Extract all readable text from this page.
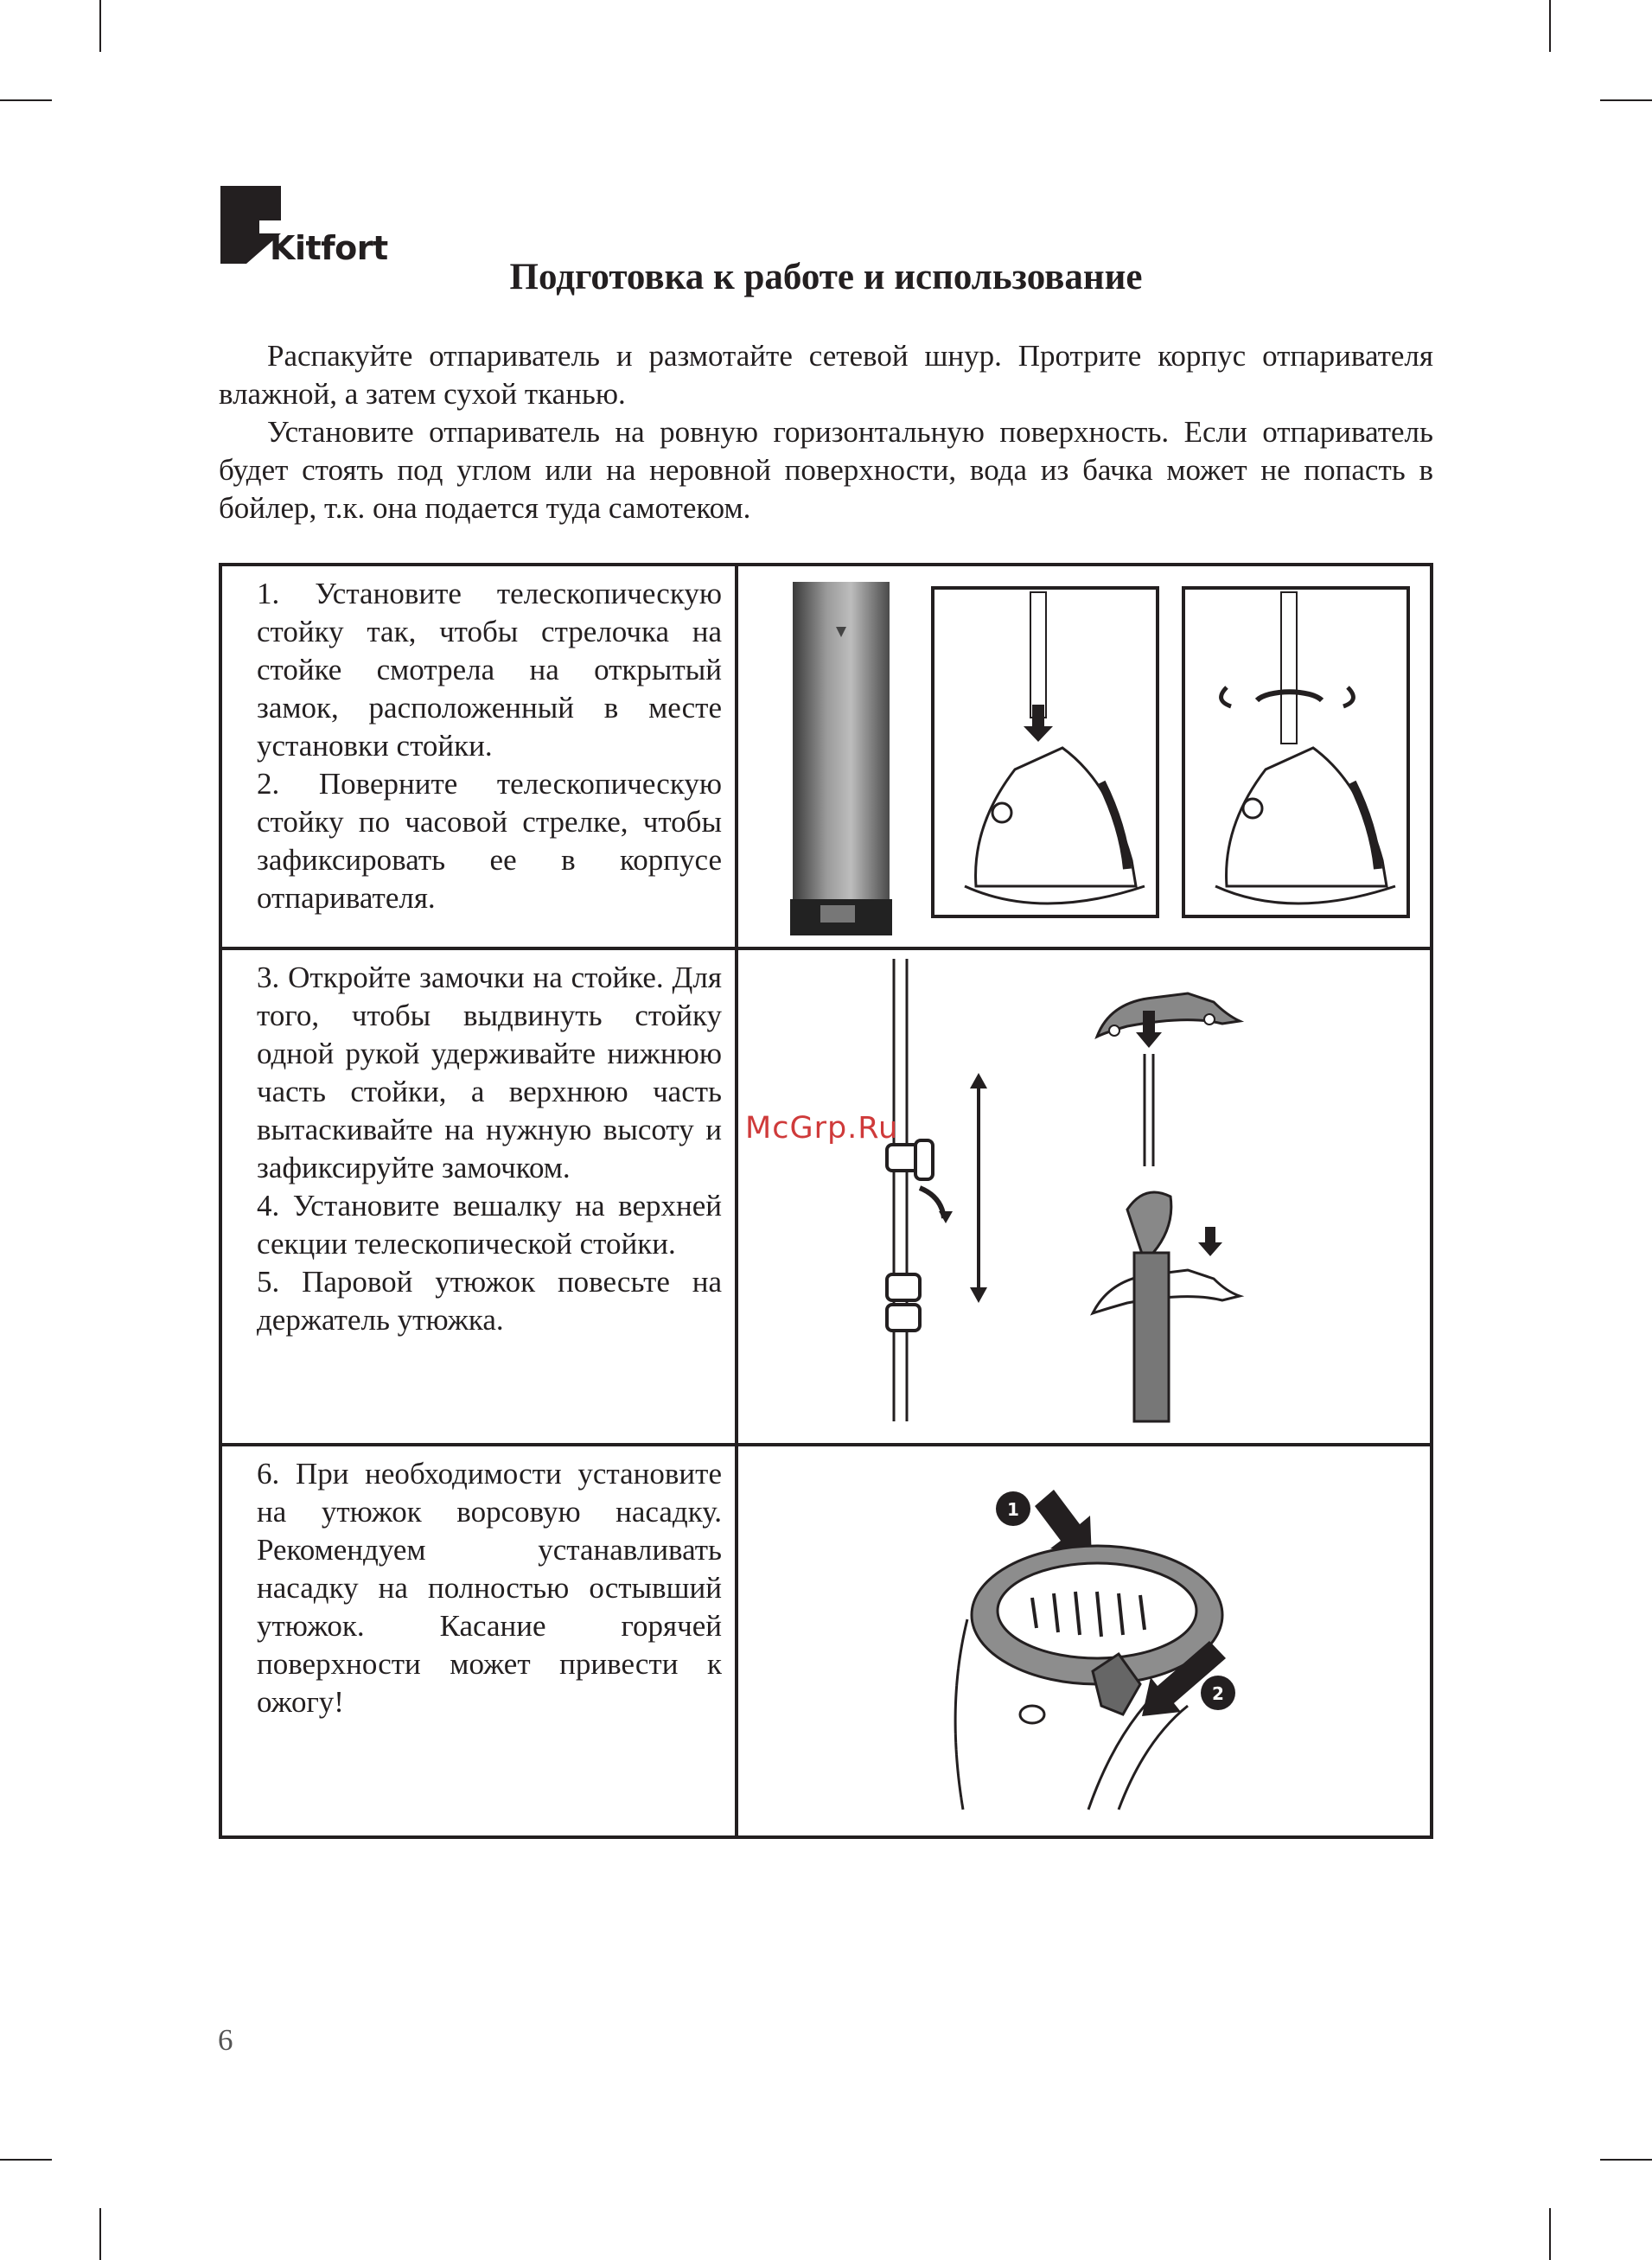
Kitfort
Подготовка к работе и использование

Распакуйте отпариватель и размотайте сетевой шнур. Протрите корпус отпаривателя влажной, а затем сухой тканью.

Установите отпариватель на ровную горизонтальную поверхность. Если отпариватель будет стоять под углом или на неровной поверхности, вода из бачка может не попасть в бойлер, т.к. она подается туда самотеком.

1. Установите телескопическую стойку так, чтобы стрелочка на стойке смотрела на открытый замок, расположенный в месте установки стойки.

2. Поверните телескопическую стойку по часовой стрелке, чтобы зафиксировать ее в корпусе отпаривателя.

3. Откройте замочки на стойке. Для того, чтобы выдвинуть стойку одной рукой удерживайте нижнюю часть стойки, а верхнюю часть вытаскивайте на нужную высоту и зафиксируйте замочком.

4. Установите вешалку на верхней секции телескопической стойки.

5. Паровой утюжок повесьте на держатель утюжка.

6. При необходимости установите на утюжок ворсовую насадку. Рекомендуем устанавливать насадку на полностью остывший утюжок. Касание горячей поверхности может привести к ожогу!	1
2
McGrp.Ru
6
